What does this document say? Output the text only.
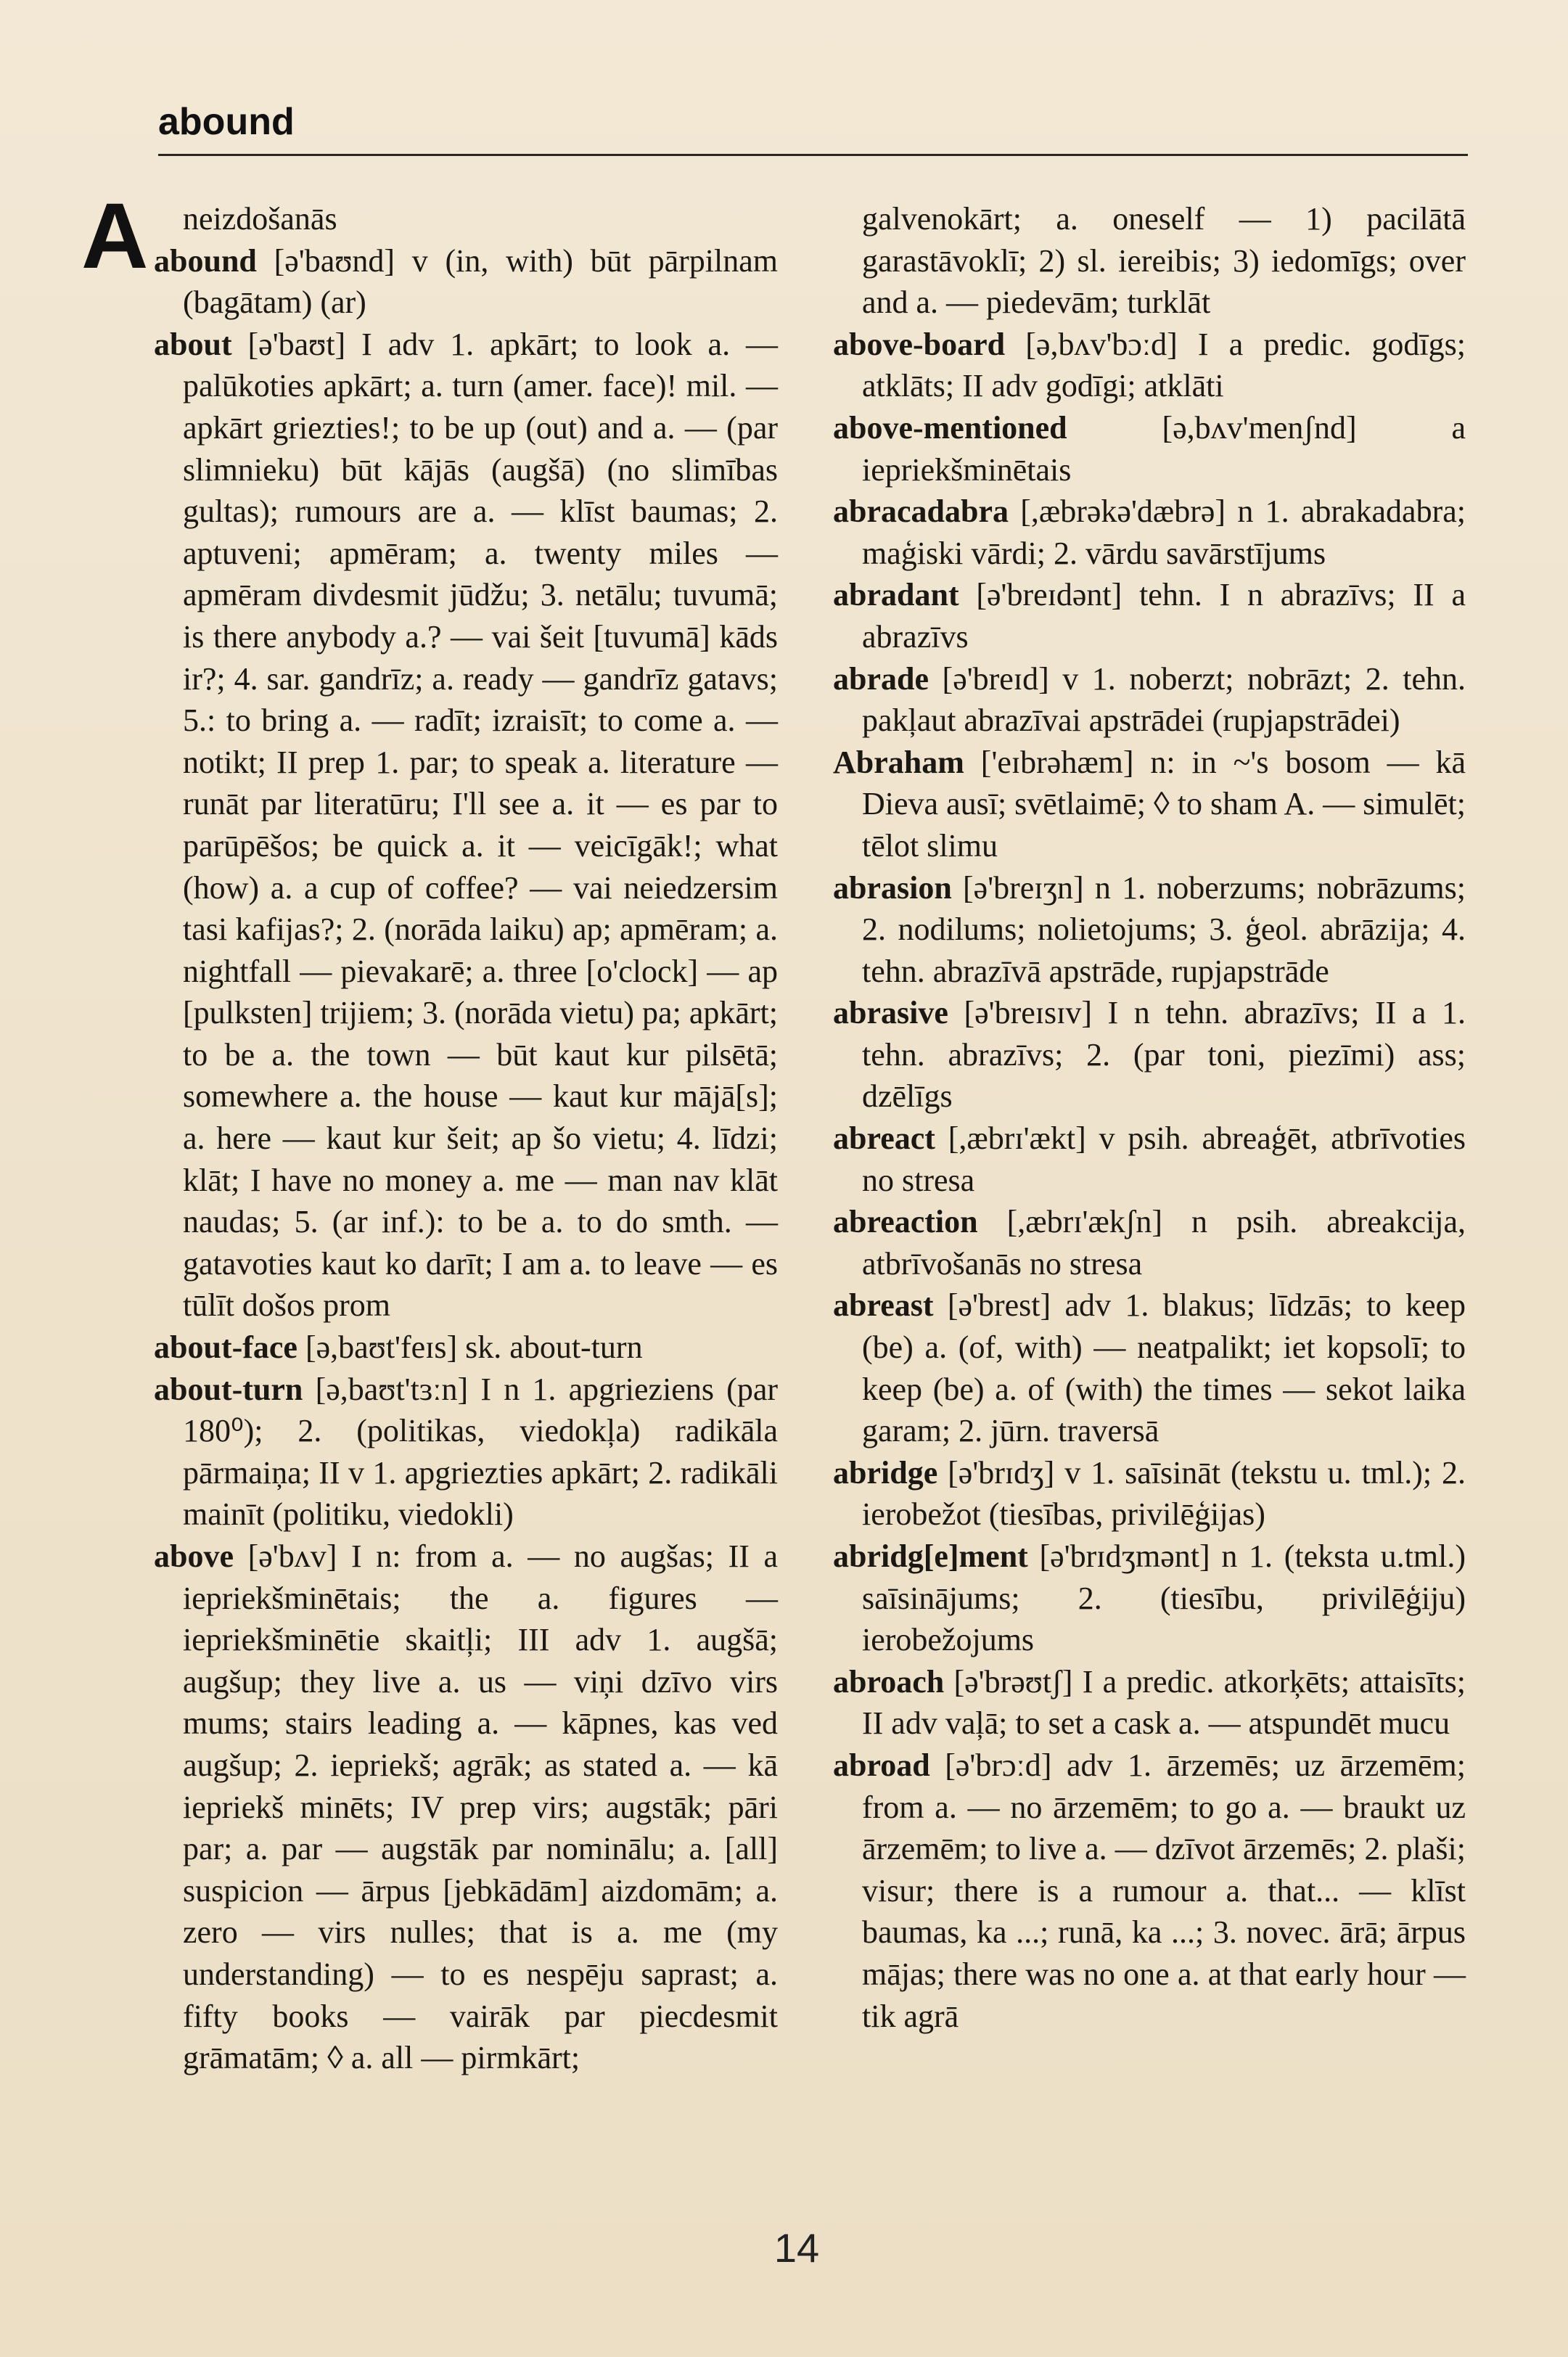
abound
A	neizdošanās

abound [ə'baʊnd] v (in, with) būt pārpilnam (bagātam) (ar)

about [ə'baʊt] I adv 1. apkārt; to look a. — palūkoties apkārt; a. turn (amer. face)! mil. — apkārt griezties!; to be up (out) and a. — (par slimnieku) būt kājās (augšā) (no slimības gultas); rumours are a. — klīst baumas; 2. aptuveni; apmēram; a. twenty miles — apmēram divdesmit jūdžu; 3. netālu; tuvumā; is there anybody a.? — vai šeit [tuvumā] kāds ir?; 4. sar. gandrīz; a. ready — gandrīz gatavs; 5.: to bring a. — radīt; izraisīt; to come a. — notikt; II prep 1. par; to speak a. literature — runāt par literatūru; I'll see a. it — es par to parūpēšos; be quick a. it — veicīgāk!; what (how) a. a cup of coffee? — vai neiedzersim tasi kafijas?; 2. (norāda laiku) ap; apmēram; a. nightfall — pievakarē; a. three [o'clock] — ap [pulksten] trijiem; 3. (norāda vietu) pa; apkārt; to be a. the town — būt kaut kur pilsētā; somewhere a. the house — kaut kur mājā[s]; a. here — kaut kur šeit; ap šo vietu; 4. līdzi; klāt; I have no money a. me — man nav klāt naudas; 5. (ar inf.): to be a. to do smth. — gatavoties kaut ko darīt; I am a. to leave — es tūlīt došos prom

about-face [ə,baʊt'feɪs] sk. about-turn

about-turn [ə,baʊt'tɜːn] I n 1. apgrieziens (par 180⁰); 2. (politikas, viedokļa) radikāla pārmaiņa; II v 1. apgriezties apkārt; 2. radikāli mainīt (politiku, viedokli)

above [ə'bʌv] I n: from a. — no augšas; II a iepriekšminētais; the a. figures — iepriekšminētie skaitļi; III adv 1. augšā; augšup; they live a. us — viņi dzīvo virs mums; stairs leading a. — kāpnes, kas ved augšup; 2. iepriekš; agrāk; as stated a. — kā iepriekš minēts; IV prep virs; augstāk; pāri par; a. par — augstāk par nominālu; a. [all] suspicion — ārpus [jebkādām] aizdomām; a. zero — virs nulles; that is a. me (my understanding) — to es nespēju saprast; a. fifty books — vairāk par piecdesmit grāmatām; ◊ a. all — pirmkārt;

galvenokārt; a. oneself — 1) pacilātā garastāvoklī; 2) sl. iereibis; 3) iedomīgs; over and a. — piedevām; turklāt

above-board [ə,bʌv'bɔːd] I a predic. godīgs; atklāts; II adv godīgi; atklāti

above-mentioned	[ə,bʌv'menʃnd] a iepriekšminētais

abracadabra [,æbrəkə'dæbrə] n 1. abrakadabra; maģiski vārdi; 2. vārdu savārstījums

abradant [ə'breɪdənt] tehn. I n abrazīvs; II a abrazīvs

abrade [ə'breɪd] v 1. noberzt; nobrāzt; 2. tehn. pakļaut abrazīvai apstrādei (rupjapstrādei)

Abraham ['eɪbrəhæm] n: in ~'s bosom — kā Dieva ausī; svētlaimē; ◊ to sham A. — simulēt; tēlot slimu

abrasion [ə'breɪʒn] n 1. noberzums; nobrāzums; 2. nodilums; nolietojums; 3. ģeol. abrāzija; 4. tehn. abrazīvā apstrāde, rupjapstrāde

abrasive [ə'breɪsɪv] I n tehn. abrazīvs; II a 1. tehn. abrazīvs; 2. (par toni, piezīmi) ass; dzēlīgs

abreact [,æbrɪ'ækt] v psih. abreaģēt, atbrīvoties no stresa

abreaction [,æbrɪ'ækʃn] n psih. abreakcija, atbrīvošanās no stresa

abreast [ə'brest] adv 1. blakus; līdzās; to keep (be) a. (of, with) — neatpalikt; iet kopsolī; to keep (be) a. of (with) the times — sekot laika garam; 2. jūrn. traversā

abridge [ə'brɪdʒ] v 1. saīsināt (tekstu u. tml.); 2. ierobežot (tiesības, privilēģijas)

abridg[e]ment [ə'brɪdʒmənt] n 1. (teksta u.tml.) saīsinājums; 2. (tiesību, privilēģiju) ierobežojums

abroach [ə'brəʊtʃ] I a predic. atkorķēts; attaisīts; II adv vaļā; to set a cask a. — atspundēt mucu

abroad [ə'brɔːd] adv 1. ārzemēs; uz ārzemēm; from a. — no ārzemēm; to go a. — braukt uz ārzemēm; to live a. — dzīvot ārzemēs; 2. plaši; visur; there is a rumour a. that... — klīst baumas, ka ...; runā, ka ...; 3. novec. ārā; ārpus mājas; there was no one a. at that early hour — tik agrā

14
